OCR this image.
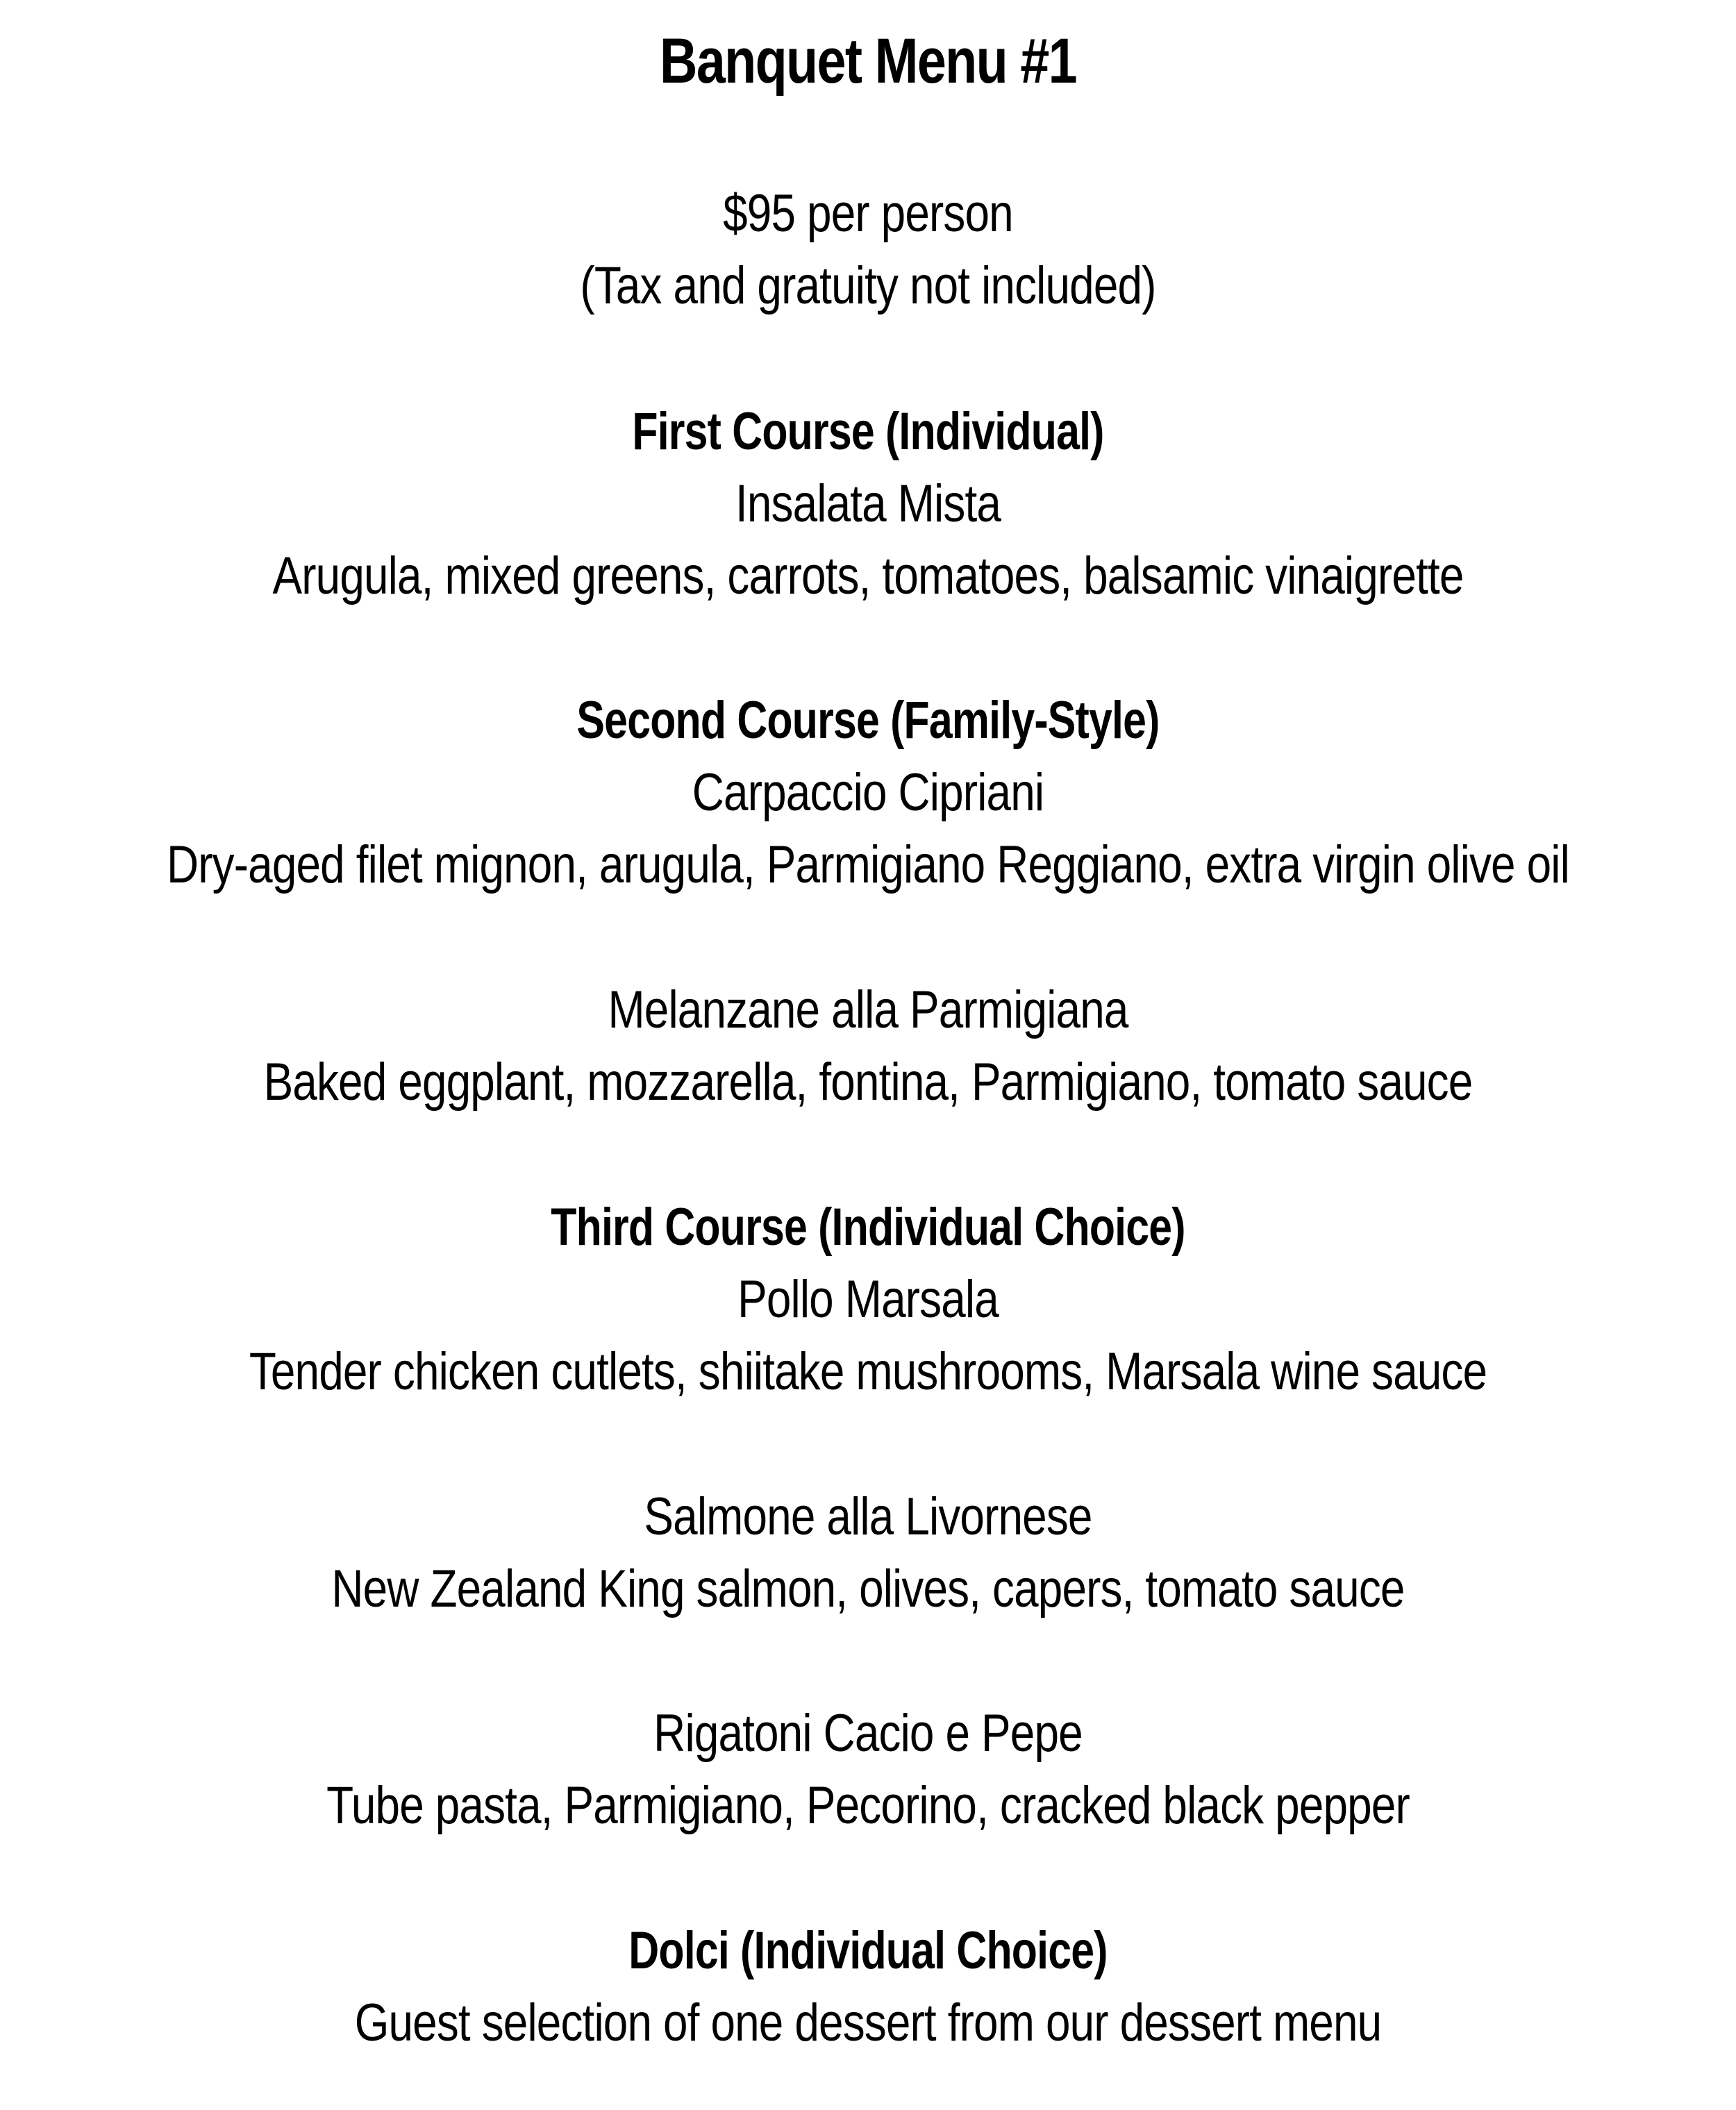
Banquet Menu #1
$95 per person
(Tax and gratuity not included)
First Course (Individual)
Insalata Mista
Arugula, mixed greens, carrots, tomatoes, balsamic vinaigrette
Second Course (Family-Style)
Carpaccio Cipriani
Dry-aged filet mignon, arugula, Parmigiano Reggiano, extra virgin olive oil
Melanzane alla Parmigiana
Baked eggplant, mozzarella, fontina, Parmigiano, tomato sauce
Third Course (Individual Choice)
Pollo Marsala
Tender chicken cutlets, shiitake mushrooms, Marsala wine sauce
Salmone alla Livornese
New Zealand King salmon, olives, capers, tomato sauce
Rigatoni Cacio e Pepe
Tube pasta, Parmigiano, Pecorino, cracked black pepper
Dolci (Individual Choice)
Guest selection of one dessert from our dessert menu
